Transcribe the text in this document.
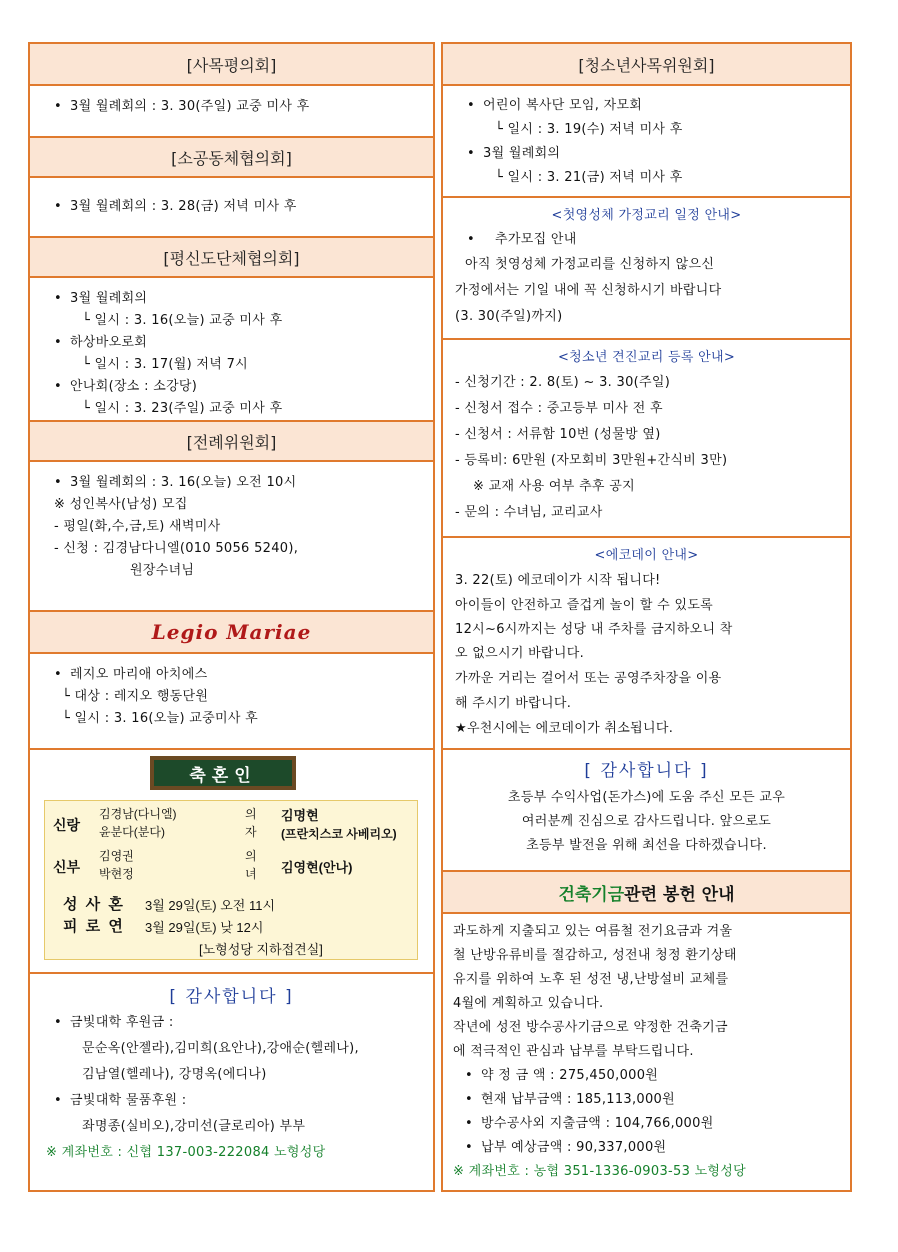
[사목평의회]
• 3월 월례회의 : 3. 30(주일) 교중 미사 후
[소공동체협의회]
• 3월 월례회의 : 3. 28(금) 저녁 미사 후
[평신도단체협의회]
• 3월 월례회의
└ 일시 : 3. 16(오늘) 교중 미사 후
• 하상바오로회
└ 일시 : 3. 17(월) 저녁 7시
• 안나회(장소 : 소강당)
└ 일시 : 3. 23(주일) 교중 미사 후
[전례위원회]
• 3월 월례회의 : 3. 16(오늘) 오전 10시
※ 성인복사(남성) 모집
- 평일(화,수,금,토) 새벽미사
- 신청 : 김경남다니엘(010 5056 5240),
원장수녀님
Legio Mariae
• 레지오 마리애 아치에스
└ 대상 : 레지오 행동단원
└ 일시 : 3. 16(오늘) 교중미사 후
축혼인
신랑
김경남(다니엘)
윤분다(분다)
의
자
김명현
(프란치스코 사베리오)
신부
김영권
박현정
의
녀 김영현(안나)
성 사 혼 3월 29일(토) 오전 11시
피 로 연 3월 29일(토) 낮 12시
[노형성당 지하접견실]
[ 감사합니다 ]
• 금빛대학 후원금 :
문순옥(안젤라),김미희(요안나),강애순(헬레나),
김남열(헬레나), 강명옥(에디나)
• 금빛대학 물품후원 :
좌명종(실비오),강미선(글로리아) 부부
※ 계좌번호 : 신협 137-003-222084 노형성당
[청소년사목위원회]
• 어린이 복사단 모임, 자모회
└ 일시 : 3. 19(수) 저녁 미사 후
• 3월 월례회의
└ 일시 : 3. 21(금) 저녁 미사 후
<첫영성체 가정교리 일정 안내>
• 추가모집 안내
아직 첫영성체 가정교리를 신청하지 않으신
가정에서는 기일 내에 꼭 신청하시기 바랍니다
(3. 30(주일)까지)
<청소년 견진교리 등록 안내>
- 신청기간 : 2. 8(토) ~ 3. 30(주일)
- 신청서 접수 : 중고등부 미사 전 후
- 신청서 : 서류함 10번 (성물방 옆)
- 등록비: 6만원 (자모회비 3만원+간식비 3만)
※ 교재 사용 여부 추후 공지
- 문의 : 수녀님, 교리교사
<에코데이 안내>
3. 22(토) 에코데이가 시작 됩니다!
아이들이 안전하고 즐겁게 놀이 할 수 있도록
12시~6시까지는 성당 내 주차를 금지하오니 착
오 없으시기 바랍니다.
가까운 거리는 걸어서 또는 공영주차장을 이용
해 주시기 바랍니다.
★우천시에는 에코데이가 취소됩니다.
[ 감사합니다 ]
초등부 수익사업(돈가스)에 도움 주신 모든 교우
여러분께 진심으로 감사드립니다. 앞으로도
초등부 발전을 위해 최선을 다하겠습니다.
건축기금 관련 봉헌 안내
과도하게 지출되고 있는 여름철 전기요금과 겨울
철 난방유류비를 절감하고, 성전내 청정 환기상태
유지를 위하여 노후 된 성전 냉,난방설비 교체를
4월에 계획하고 있습니다.
작년에 성전 방수공사기금으로 약정한 건축기금
에 적극적인 관심과 납부를 부탁드립니다.
• 약 정 금 액 : 275,450,000원
• 현재 납부금액 : 185,113,000원
• 방수공사외 지출금액 : 104,766,000원
• 납부 예상금액 : 90,337,000원
※ 계좌번호 : 농협 351-1336-0903-53 노형성당
